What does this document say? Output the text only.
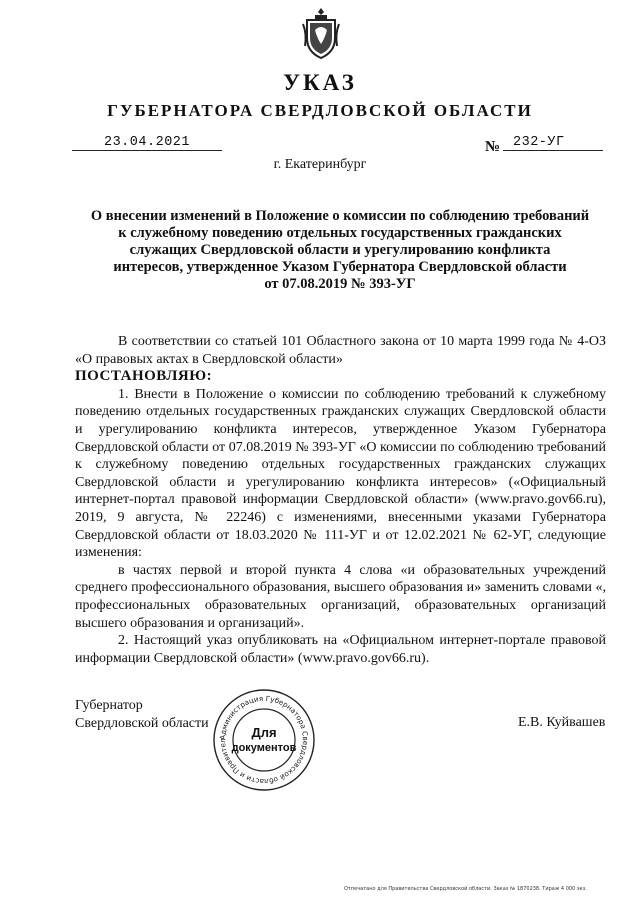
УКАЗ
ГУБЕРНАТОРА СВЕРДЛОВСКОЙ ОБЛАСТИ
23.04.2021	№ 232-УГ
г. Екатеринбург
О внесении изменений в Положение о комиссии по соблюдению требований
к служебному поведению отдельных государственных гражданских
служащих Свердловской области и урегулированию конфликта
интересов, утвержденное Указом Губернатора Свердловской области
от 07.08.2019 № 393-УГ

В соответствии со статьей 101 Областного закона от 10 марта 1999 года № 4-ОЗ «О правовых актах в Свердловской области»

ПОСТАНОВЛЯЮ:

1. Внести в Положение о комиссии по соблюдению требований к служебному поведению отдельных государственных гражданских служащих Свердловской области и урегулированию конфликта интересов, утвержденное Указом Губернатора Свердловской области от 07.08.2019 № 393-УГ «О комиссии по соблюдению требований к служебному поведению отдельных государственных гражданских служащих Свердловской области и урегулированию конфликта интересов» («Официальный интернет-портал правовой информации Свердловской области» (www.pravo.gov66.ru), 2019, 9 августа, № 22246) с изменениями, внесенными указами Губернатора Свердловской области от 18.03.2020 № 111-УГ и от 12.02.2021 № 62-УГ, следующие изменения:

в частях первой и второй пункта 4 слова «и образовательных учреждений среднего профессионального образования, высшего образования и» заменить словами «, профессиональных образовательных организаций, образовательных организаций высшего образования и организаций».

2. Настоящий указ опубликовать на «Официальном интернет-портале правовой информации Свердловской области» (www.pravo.gov66.ru).

Губернатор
Свердловской области	Е.В. Куйвашев
Администрация Губернатора Свердловской области и Правител
Для
документов
Отпечатано для Правительства Свердловской области. Заказ № 1870238. Тираж 4 000 экз.
